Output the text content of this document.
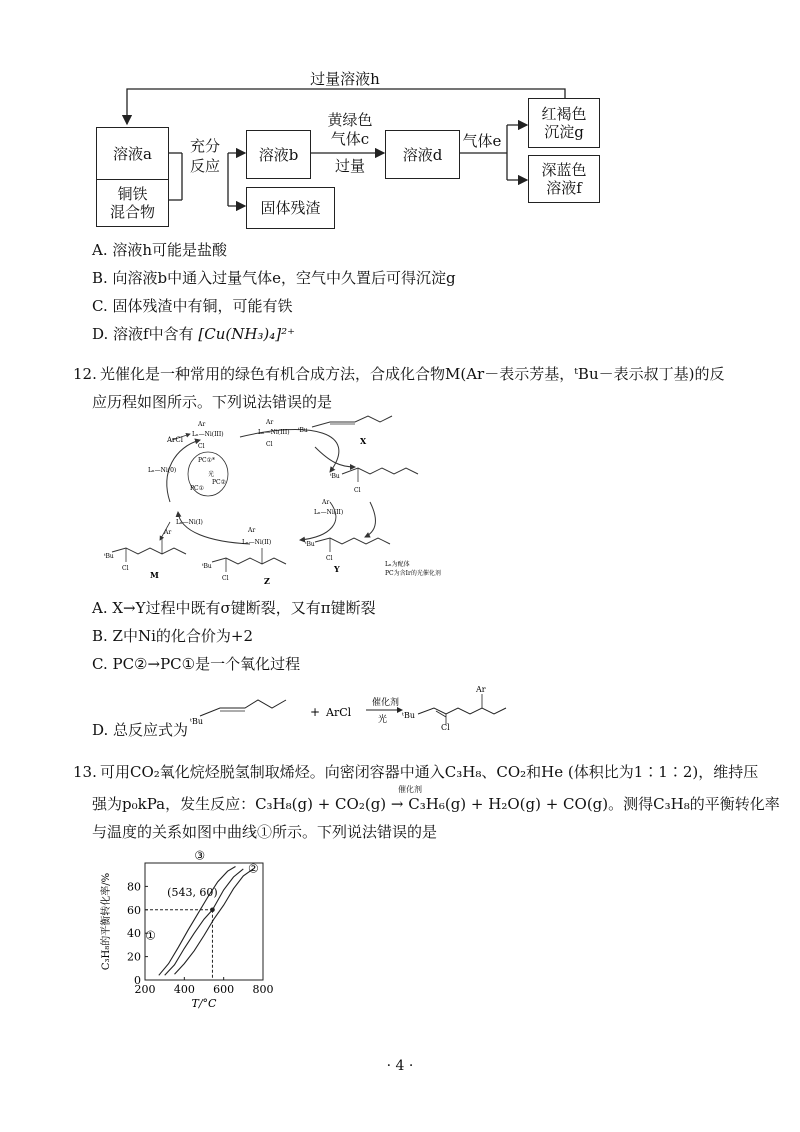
过量溶液h
溶液a
铜铁
混合物
充分
反应
溶液b
固体残渣
黄绿色
气体c
过量
溶液d
气体e
红褐色
沉淀g
深蓝色
溶液f
A. 溶液h可能是盐酸
B. 向溶液b中通入过量气体e，空气中久置后可得沉淀g
C. 固体残渣中有铜，可能有铁
D. 溶液f中含有 [Cu(NH₃)₄]²⁺
12. 光催化是一种常用的绿色有机合成方法，合成化合物M(Ar－表示芳基，ᵗBu－表示叔丁基)的反
应历程如图所示。下列说法错误的是
ArCl
Lₙ—Ni(III)
Ar
Cl
Lₙ—Ni(III)
Ar
Cl
ᵗBu
X
PC①*
PC②
PC①
光
Lₙ—Ni(0)
Lₙ—Ni(I)
ᵗBu
Cl
Ar
Lₙ—Ni(II)
ᵗBu
Cl
Y
Ar
Lₙ—Ni(II)
ᵗBu
Cl	Z
Ar
ᵗBu
Cl
M
Lₙ为配体
PC为含Ir的光催化剂
A. X→Y过程中既有σ键断裂，又有π键断裂
B. Z中Ni的化合价为+2
C. PC②→PC①是一个氧化过程
D. 总反应式为 ᵗBu
+ ArCl
催化剂
光 ᵗBu
Cl
Ar
13. 可用CO₂氧化烷烃脱氢制取烯烃。向密闭容器中通入C₃H₈、CO₂和He (体积比为1∶1∶2)，维持压
催化剂
强为p₀kPa，发生反应：C₃H₈(g) + CO₂(g) → C₃H₆(g) + H₂O(g) + CO(g)。测得C₃H₈的平衡转化率
与温度的关系如图中曲线①所示。下列说法错误的是
200 400 600 800
0
20
40
60
80
T/°C
C₃H₈的平衡转化率/%	①
②
③
(543, 60)
· 4 ·
